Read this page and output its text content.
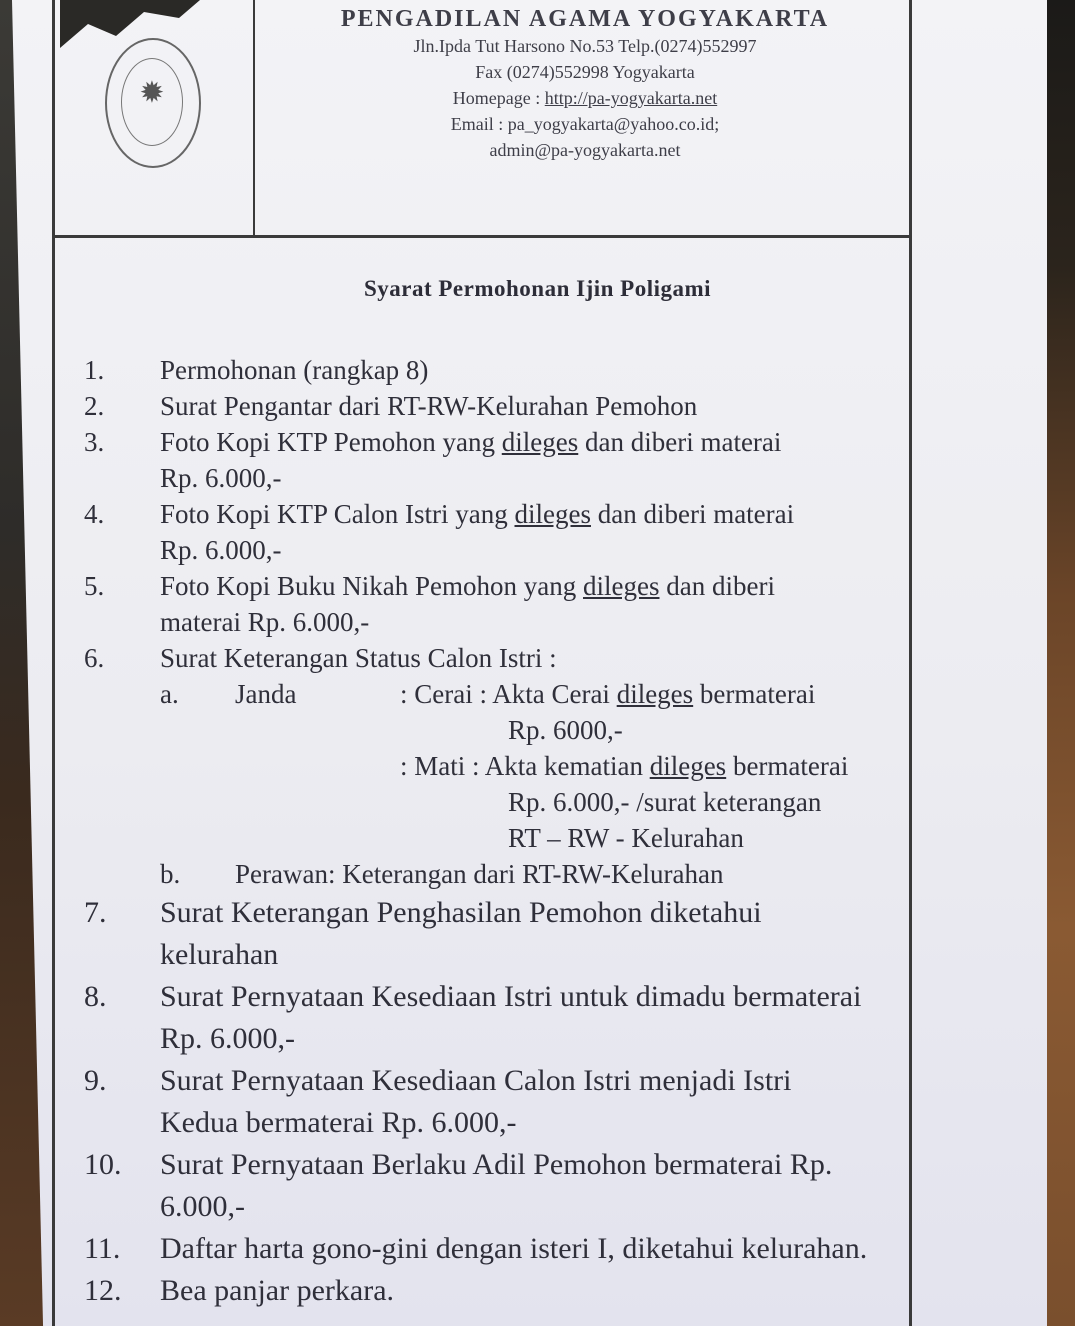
✹
PENGADILAN AGAMA YOGYAKARTA
Jln.Ipda Tut Harsono No.53 Telp.(0274)552997
Fax (0274)552998 Yogyakarta
Homepage : http://pa-yogyakarta.net
Email : pa_yogyakarta@yahoo.co.id;
admin@pa-yogyakarta.net
Syarat Permohonan Ijin Poligami
1. Permohonan (rangkap 8)
2. Surat Pengantar dari RT-RW-Kelurahan Pemohon
3. Foto Kopi KTP Pemohon yang dileges dan diberi materai
Rp. 6.000,-
4. Foto Kopi KTP Calon Istri yang dileges dan diberi materai
Rp. 6.000,-
5. Foto Kopi Buku Nikah Pemohon yang dileges dan diberi
materai Rp. 6.000,-
6. Surat Keterangan Status Calon Istri :
a. Janda	: Cerai : Akta Cerai dileges bermaterai
Rp. 6000,-
: Mati : Akta kematian dileges bermaterai
Rp. 6.000,- /surat keterangan
RT – RW - Kelurahan
b. Perawan: Keterangan dari RT-RW-Kelurahan
7. Surat Keterangan Penghasilan Pemohon diketahui
kelurahan
8. Surat Pernyataan Kesediaan Istri untuk dimadu bermaterai
Rp. 6.000,-
9. Surat Pernyataan Kesediaan Calon Istri menjadi Istri
Kedua bermaterai Rp. 6.000,-
10. Surat Pernyataan Berlaku Adil Pemohon bermaterai Rp.
6.000,-
11. Daftar harta gono-gini dengan isteri I, diketahui kelurahan.
12. Bea panjar perkara.
